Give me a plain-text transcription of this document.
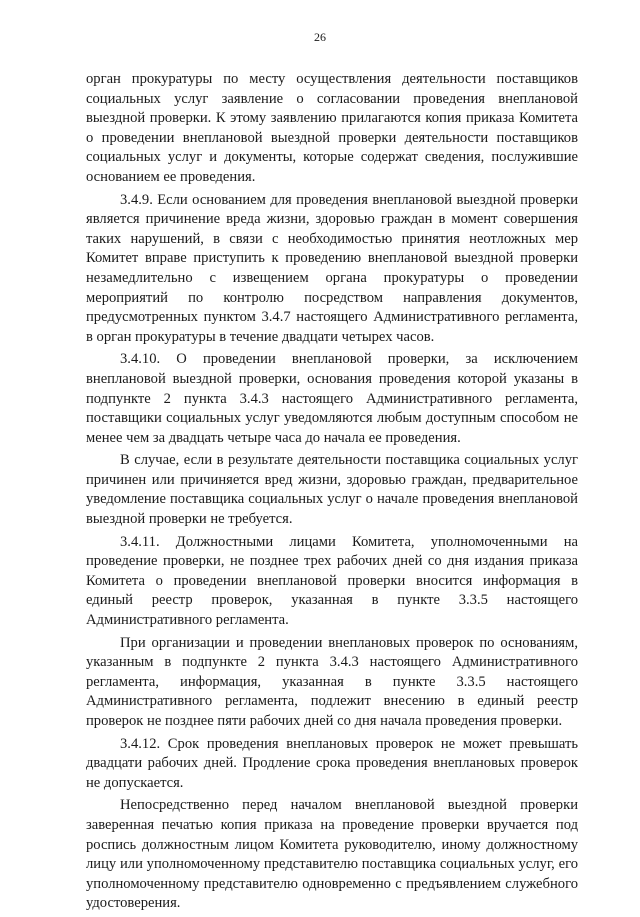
26

орган прокуратуры по месту осуществления деятельности поставщиков социальных услуг заявление о согласовании проведения внеплановой выездной проверки. К этому заявлению прилагаются копия приказа Комитета о проведении внеплановой выездной проверки деятельности поставщиков социальных услуг и документы, которые содержат сведения, послужившие основанием ее проведения.

3.4.9. Если основанием для проведения внеплановой выездной проверки является причинение вреда жизни, здоровью граждан в момент совершения таких нарушений, в связи с необходимостью принятия неотложных мер Комитет вправе приступить к проведению внеплановой выездной проверки незамедлительно с извещением органа прокуратуры о проведении мероприятий по контролю посредством направления документов, предусмотренных пунктом 3.4.7 настоящего Административного регламента, в орган прокуратуры в течение двадцати четырех часов.

3.4.10. О проведении внеплановой проверки, за исключением внеплановой выездной проверки, основания проведения которой указаны в подпункте 2 пункта 3.4.3 настоящего Административного регламента, поставщики социальных услуг уведомляются любым доступным способом не менее чем за двадцать четыре часа до начала ее проведения.

В случае, если в результате деятельности поставщика социальных услуг причинен или причиняется вред жизни, здоровью граждан, предварительное уведомление поставщика социальных услуг о начале проведения внеплановой выездной проверки не требуется.

3.4.11. Должностными лицами Комитета, уполномоченными на проведение проверки, не позднее трех рабочих дней со дня издания приказа Комитета о проведении внеплановой проверки вносится информация в единый реестр проверок, указанная в пункте 3.3.5 настоящего Административного регламента.

При организации и проведении внеплановых проверок по основаниям, указанным в подпункте 2 пункта 3.4.3 настоящего Административного регламента, информация, указанная в пункте 3.3.5 настоящего Административного регламента, подлежит внесению в единый реестр проверок не позднее пяти рабочих дней со дня начала проведения проверки.

3.4.12. Срок проведения внеплановых проверок не может превышать двадцати рабочих дней. Продление срока проведения внеплановых проверок не допускается.

Непосредственно перед началом внеплановой выездной проверки заверенная печатью копия приказа на проведение проверки вручается под роспись должностным лицом Комитета руководителю, иному должностному лицу или уполномоченному представителю поставщика социальных услуг, его уполномоченному представителю одновременно с предъявлением служебного удостоверения.
